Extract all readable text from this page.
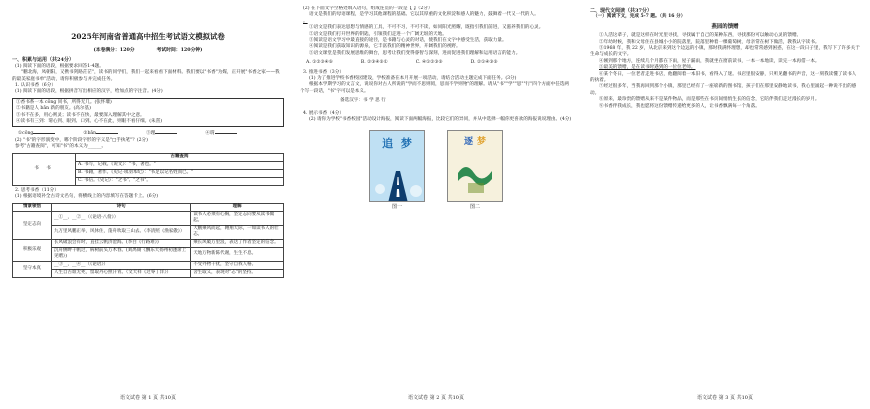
2025年河南省普通高中招生考试语文模拟试卷
(本卷满分：120分	考试时间：120分钟)
一、积累与运用（共24分）

(1) 阅读下面的语段，根据要求回答1-4题。

"鹏北海，凤朝阳，又携书剑路茫茫"，读书的同学们，我们一起来看看下面材料。我们要以"书香"为媒，正开展"书香之家——我的最美家庭书单"活动，请你积极参与并完成任务。

1. 认识书香（6分）

(1) 阅读下面的语段，根据拼音写出相应的汉字，给加点的字注音。(4分)

①香书系一本 cōng 同书，所得无几。(张怀瓘)
②书籍是人 bān 新的朋友。(高尔基)
③书不在多，用心则灵；读书不在快，最要深入理解其中之意。
④读书有三到：谓心到、眼到、口到。心不在此，则眼不看仔细。(朱熹)
①cōng	②bān	③理	④谓

(2) "书"的字形演变中，哪个阶段字形的字义是"□手执笔"？(2分)

参考"古籍查阅"，可知"书"的本义为______。

书 书	古籍查阅
A. 书写，记载。《说文》："书，著也。"
B. 书籍，著作。《史记·项羽本纪》："书足以记名姓而已。"
C. 书信。《史记》："之书"、"之书"。

2. 思考书香（11分）

(1) 根据语境补全古诗文名句，将横线上的内容填写在答题卡上。(6分)

情景领悟	诗句	理解
坚定志向	__①__，__②__（《论语·八佾》）	读书人必须有心胸，坚定志向要从读书做起。
	九万里风鹏正举，风休住，蓬舟吹取三山去。（李清照《渔家傲》）	大鹏乘风而起，翱翔天际，一如读书人的壮志。
积极乐观	长风破浪会有时，直挂云帆济沧海。(李白《行路难》)	乘长风破万里浪，表达了作者坚定的信念。
	沉舟侧畔千帆过，病树前头万木春。(刘禹锡《酬乐天扬州初逢席上见赠》)	天地万物新陈代谢，生生不息。
坚守本真	__③__，__④__（《论语》）	不受外物干扰，坚守自我人格。
	人生自古谁无死，留取丹心照汗青。（文天祥《过零丁洋》）	舍生取义，表现对"志"的坚持。
语文试卷 第 1 页 共10页

(2) 在下面文字空格处填入语句，组成连贯的一段是【 】（2分）

语文是我们的母语课程，是学习其他课程的基础。它以其厚重的文化积淀和感人的魅力，鼓舞着一代又一代的人。

。

①语文是我们表达思想与情感的工具，不可不习，不可不读，如同阳光照耀，既指引我们前进，又滋养我们的心灵。

②语文是我们打开世界的钥匙，引领我们走进一个广阔无垠的天地。

③阅读是语文学习中最直接的途径，是书籍与心灵的对话，使我们在文字中感受生活，获取力量。

④阅读是我们获取知识的源泉，它丰富我们的精神世界，开阔我们的视野。

⑤语文课堂是我们发展思维的舞台，思考让我们变得睿智与深刻，进而促进我们理解和运用语言的能力。

A. ①②③④⑤	B. ②③④⑤①	C. ④①②③⑤	D. ②①④③⑤

3. 推进书香（3分）

(1) 为了推进学校书香校园建设，学校准备在本月开展一项活动，请结合活动主题完成下面任务。(3分)

根据本学期学习的文言文，说说你对古人所说的"学而不思则罔，思而不学则殆"的理解。请从"书""学""思""行"四个方面中任选两个写一段话，"书"字可以是本义。

备选汉字：书 学 思 行

4. 展示书香（4分）

(2) 请你为学校"书香校园"活动设计海报，阅读下面两幅海报，比较它们的异同，并从中选择一幅你更喜欢的海报说说理由。(4分)

追  梦
图一
逐 梦
图二
语文试卷 第 2 页 共10页
二、现代文阅读（共37分）

（一）阅读下文，完成 5-7 题。（共 16 分）

燕园的馈赠

①人活这辈子，就是这样在时光里寻找，寻找属于自己的某种东西，寻找那份可以触动心灵的馈赠。

②年幼时候，我和父母住在县城小小的院落里，院落里种着一棵葡萄树，母亲常在树下做活，教我认字读书。

③1968 年，我 22 岁，从北京来到这个边远的小镇，那时我满怀理想，却也常常感到困惑，在这一段日子里，我写下了许多关于生命与成长的文字。

④刚到那个地方，连续几个月都在下雨，屋子漏雨，我就坐在窗前读书，一本一本地读，读完一本再借一本。

⑤最美的馈赠，是在读书时遇到的一位位老师。

⑥某个冬日，一位老者走进书店，他翻阅着一本旧书，看得入了迷。书店里很安静，只听见翻书的声音，这一刻我读懂了读书人的执着。

⑦经过很多年，当我再回到那个小镇，那里已经有了一座崭新的图书馆，孩子们在那里安静地读书，我心里涌起一种说不出的感动。

⑧原来，最珍贵的馈赠从来不是某件物品，而是那些在书页间悄悄生长的信念，它陪伴我们走过漫长的岁月。

⑨书香伴我成长，我也愿将这份馈赠传递给更多的人，让书香飘满每一个角落。

语文试卷 第 3 页 共10页
